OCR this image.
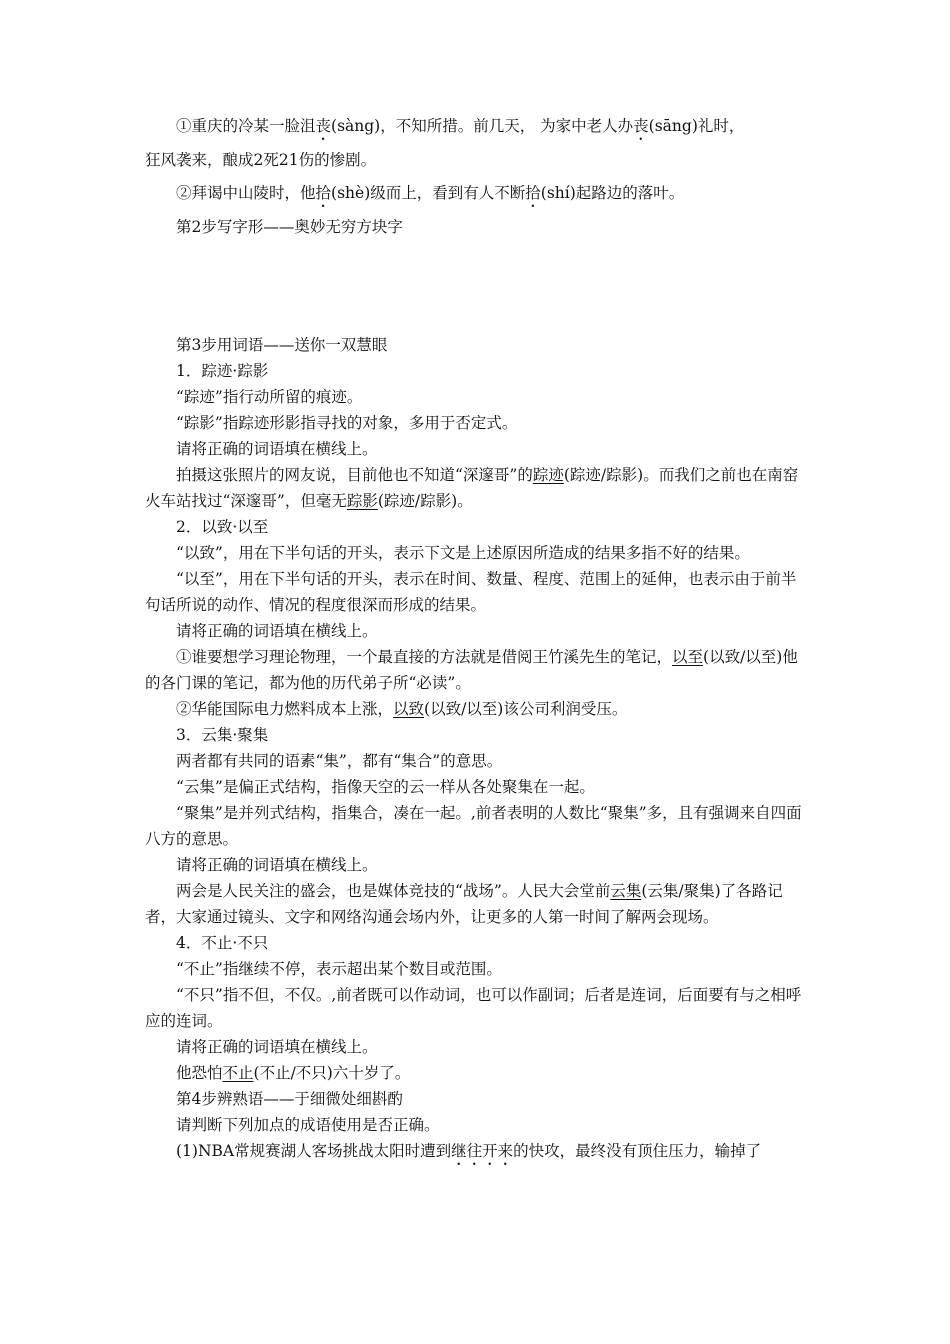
①重庆的冷某一脸沮丧(sàng)，不知所措。前几天， 为家中老人办丧(sāng)礼时，

狂风袭来，酿成2死21伤的惨剧。

②拜谒中山陵时，他拾(shè)级而上，看到有人不断拾(shí)起路边的落叶。

第2步写字形——奥妙无穷方块字

第3步用词语——送你一双慧眼

1．踪迹·踪影

“踪迹”指行动所留的痕迹。

“踪影”指踪迹形影指寻找的对象，多用于否定式。

请将正确的词语填在横线上。

拍摄这张照片的网友说，目前他也不知道“深邃哥”的踪迹(踪迹/踪影)。而我们之前也在南窑火车站找过“深邃哥”，但毫无踪影(踪迹/踪影)。

2．以致·以至

“以致”，用在下半句话的开头，表示下文是上述原因所造成的结果多指不好的结果。

“以至”，用在下半句话的开头，表示在时间、数量、程度、范围上的延伸，也表示由于前半句话所说的动作、情况的程度很深而形成的结果。

请将正确的词语填在横线上。

①谁要想学习理论物理，一个最直接的方法就是借阅王竹溪先生的笔记，以至(以致/以至)他的各门课的笔记，都为他的历代弟子所“必读”。

②华能国际电力燃料成本上涨，以致(以致/以至)该公司利润受压。

3．云集·聚集

两者都有共同的语素“集”，都有“集合”的意思。

“云集”是偏正式结构，指像天空的云一样从各处聚集在一起。

“聚集”是并列式结构，指集合，凑在一起。,前者表明的人数比“聚集”多，且有强调来自四面八方的意思。

请将正确的词语填在横线上。

两会是人民关注的盛会，也是媒体竞技的“战场”。人民大会堂前云集(云集/聚集)了各路记者，大家通过镜头、文字和网络沟通会场内外，让更多的人第一时间了解两会现场。

4．不止·不只

“不止”指继续不停，表示超出某个数目或范围。

“不只”指不但，不仅。,前者既可以作动词，也可以作副词；后者是连词，后面要有与之相呼应的连词。

请将正确的词语填在横线上。

他恐怕不止(不止/不只)六十岁了。

第4步辨熟语——于细微处细斟酌

请判断下列加点的成语使用是否正确。

(1)NBA常规赛湖人客场挑战太阳时遭到继往开来的快攻，最终没有顶住压力，输掉了
